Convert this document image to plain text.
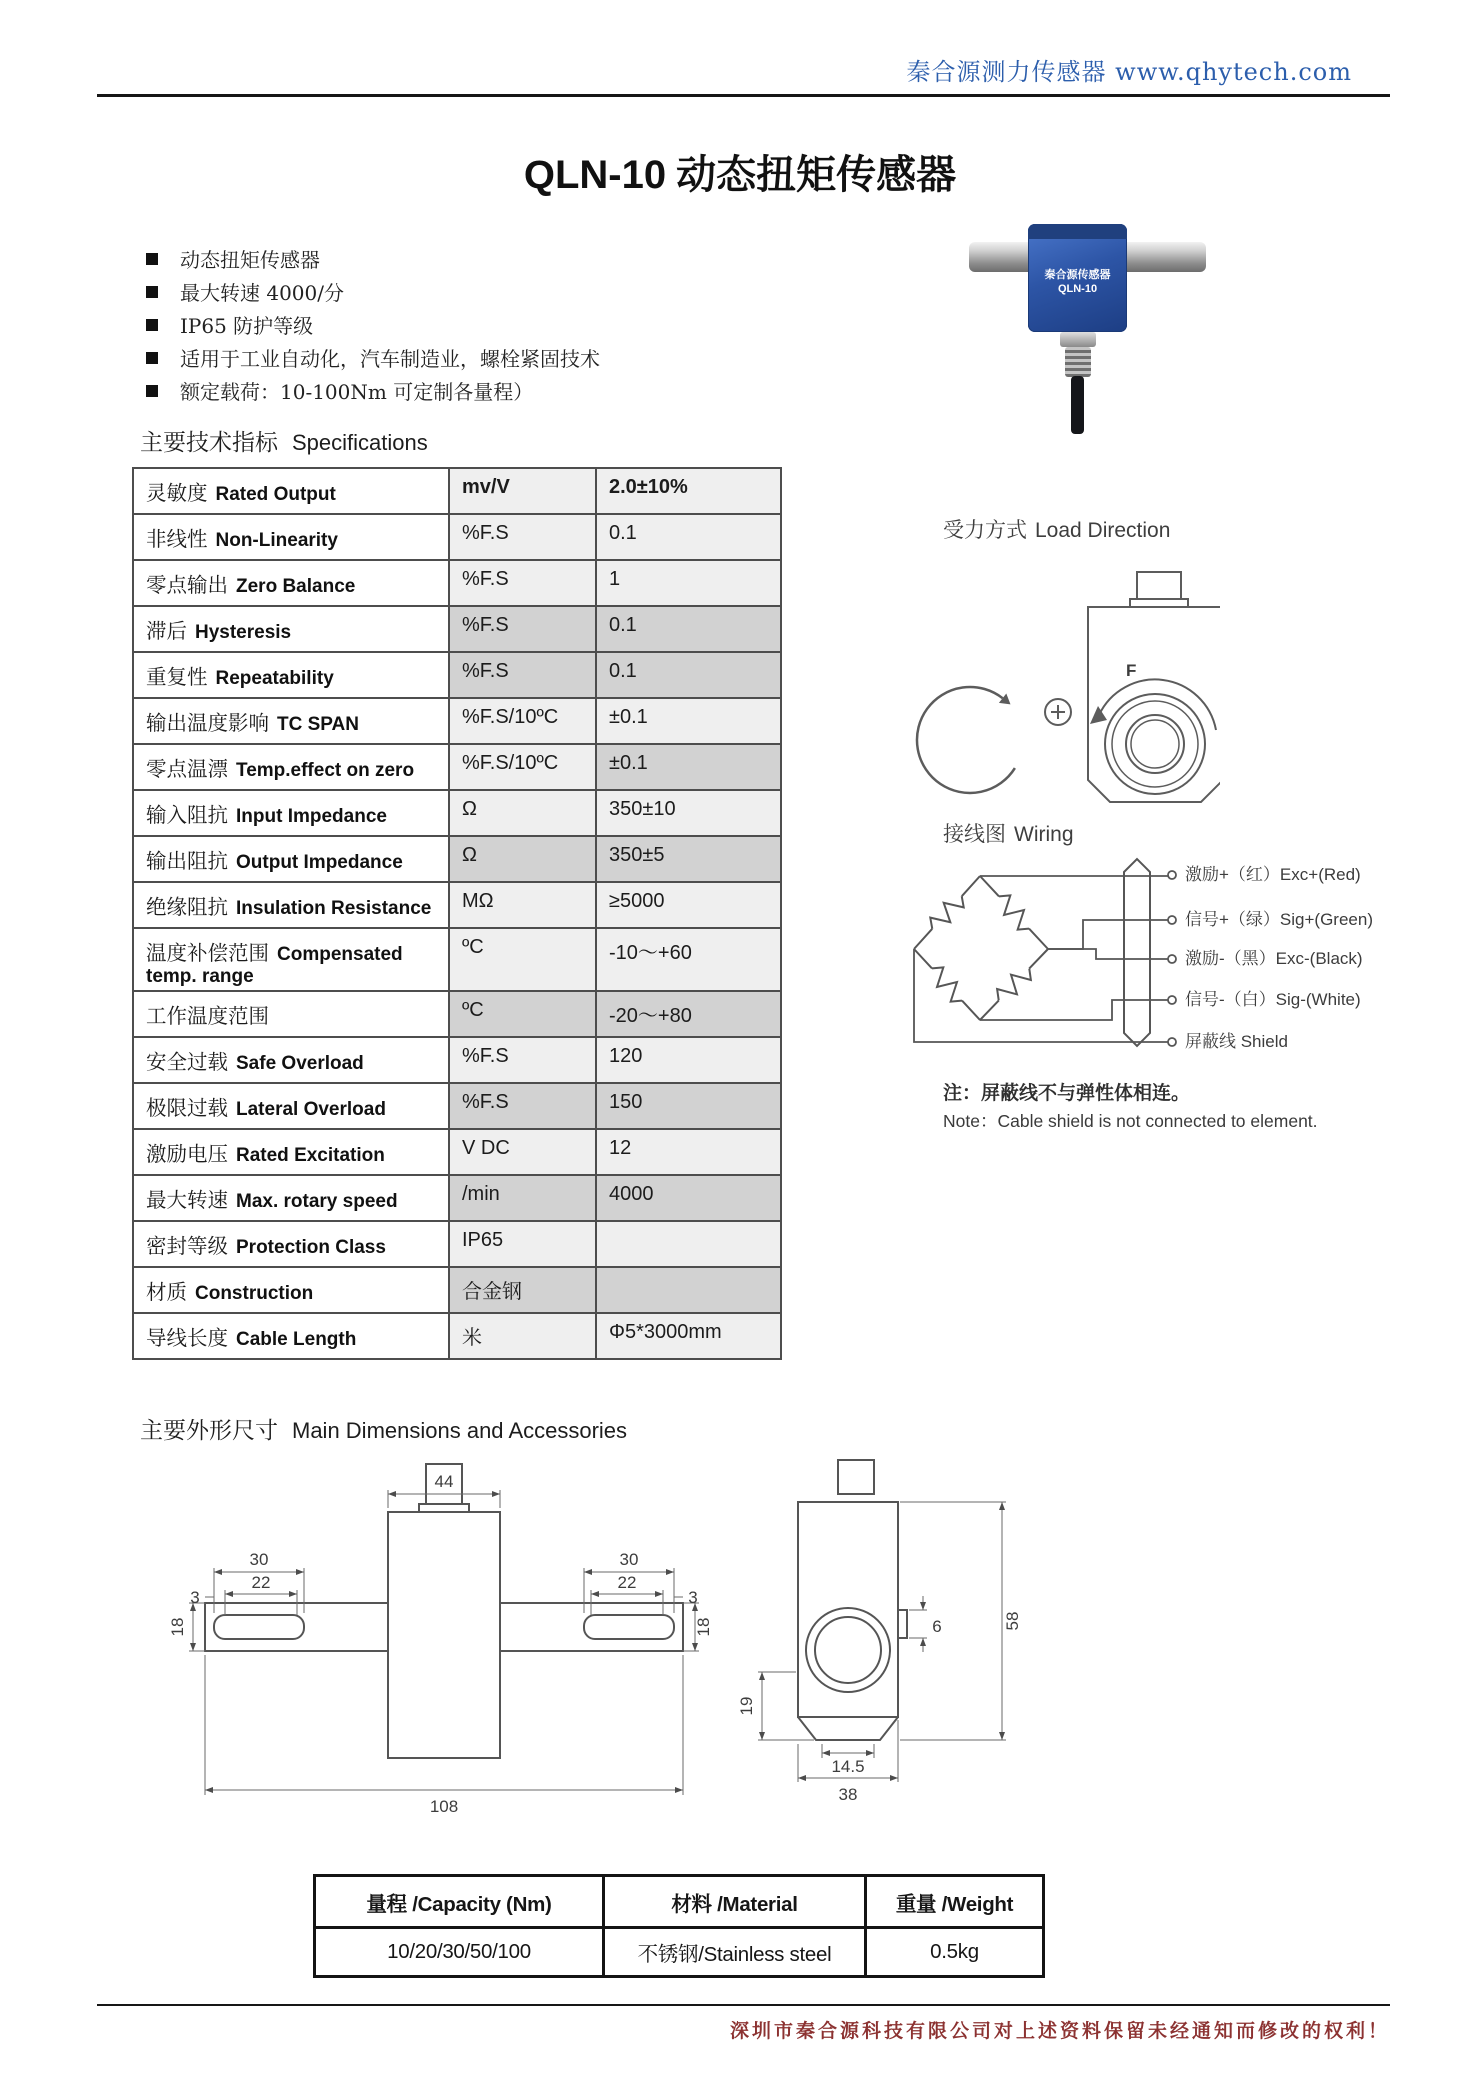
秦合源测力传感器 www.qhytech.com
QLN-10 动态扭矩传感器
动态扭矩传感器
最大转速 4000/分
IP65 防护等级
适用于工业自动化，汽车制造业，螺栓紧固技术
额定载荷：10-100Nm 可定制各量程）
秦合源传感器
QLN-10
主要技术指标 Specifications
灵敏度 Rated Output	mv/V	2.0±10%
非线性 Non-Linearity	%F.S	0.1
零点输出 Zero Balance	%F.S	1
滞后 Hysteresis	%F.S	0.1
重复性 Repeatability	%F.S	0.1
输出温度影响 TC SPAN	%F.S/10ºC	±0.1
零点温漂 Temp.effect on zero	%F.S/10ºC	±0.1
输入阻抗 Input Impedance	Ω	350±10
输出阻抗 Output Impedance	Ω	350±5
绝缘阻抗 Insulation Resistance	MΩ	≥5000
温度补偿范围 Compensated temp. range	ºC	-10～+60
工作温度范围	ºC	-20～+80
安全过载 Safe Overload	%F.S	120
极限过载 Lateral Overload	%F.S	150
激励电压 Rated Excitation	V DC	12
最大转速 Max. rotary speed	/min	4000
密封等级 Protection Class	IP65	
材质 Construction	合金钢	
导线长度 Cable Length	米	Φ5*3000mm
受力方式 Load Direction
F
接线图 Wiring
激励+（红）Exc+(Red)
信号+（绿）Sig+(Green)
激励-（黑）Exc-(Black)
信号-（白）Sig-(White)
屏蔽线 Shield
注：屏蔽线不与弹性体相连。
Note：Cable shield is not connected to element.
主要外形尺寸 Main Dimensions and Accessories
44
30
22
3
30
22
3
18	18
108
58
19
6
14.5
38
量程 /Capacity (Nm)	材料 /Material	重量 /Weight
10/20/30/50/100	不锈钢/Stainless steel	0.5kg
深圳市秦合源科技有限公司对上述资料保留未经通知而修改的权利！
